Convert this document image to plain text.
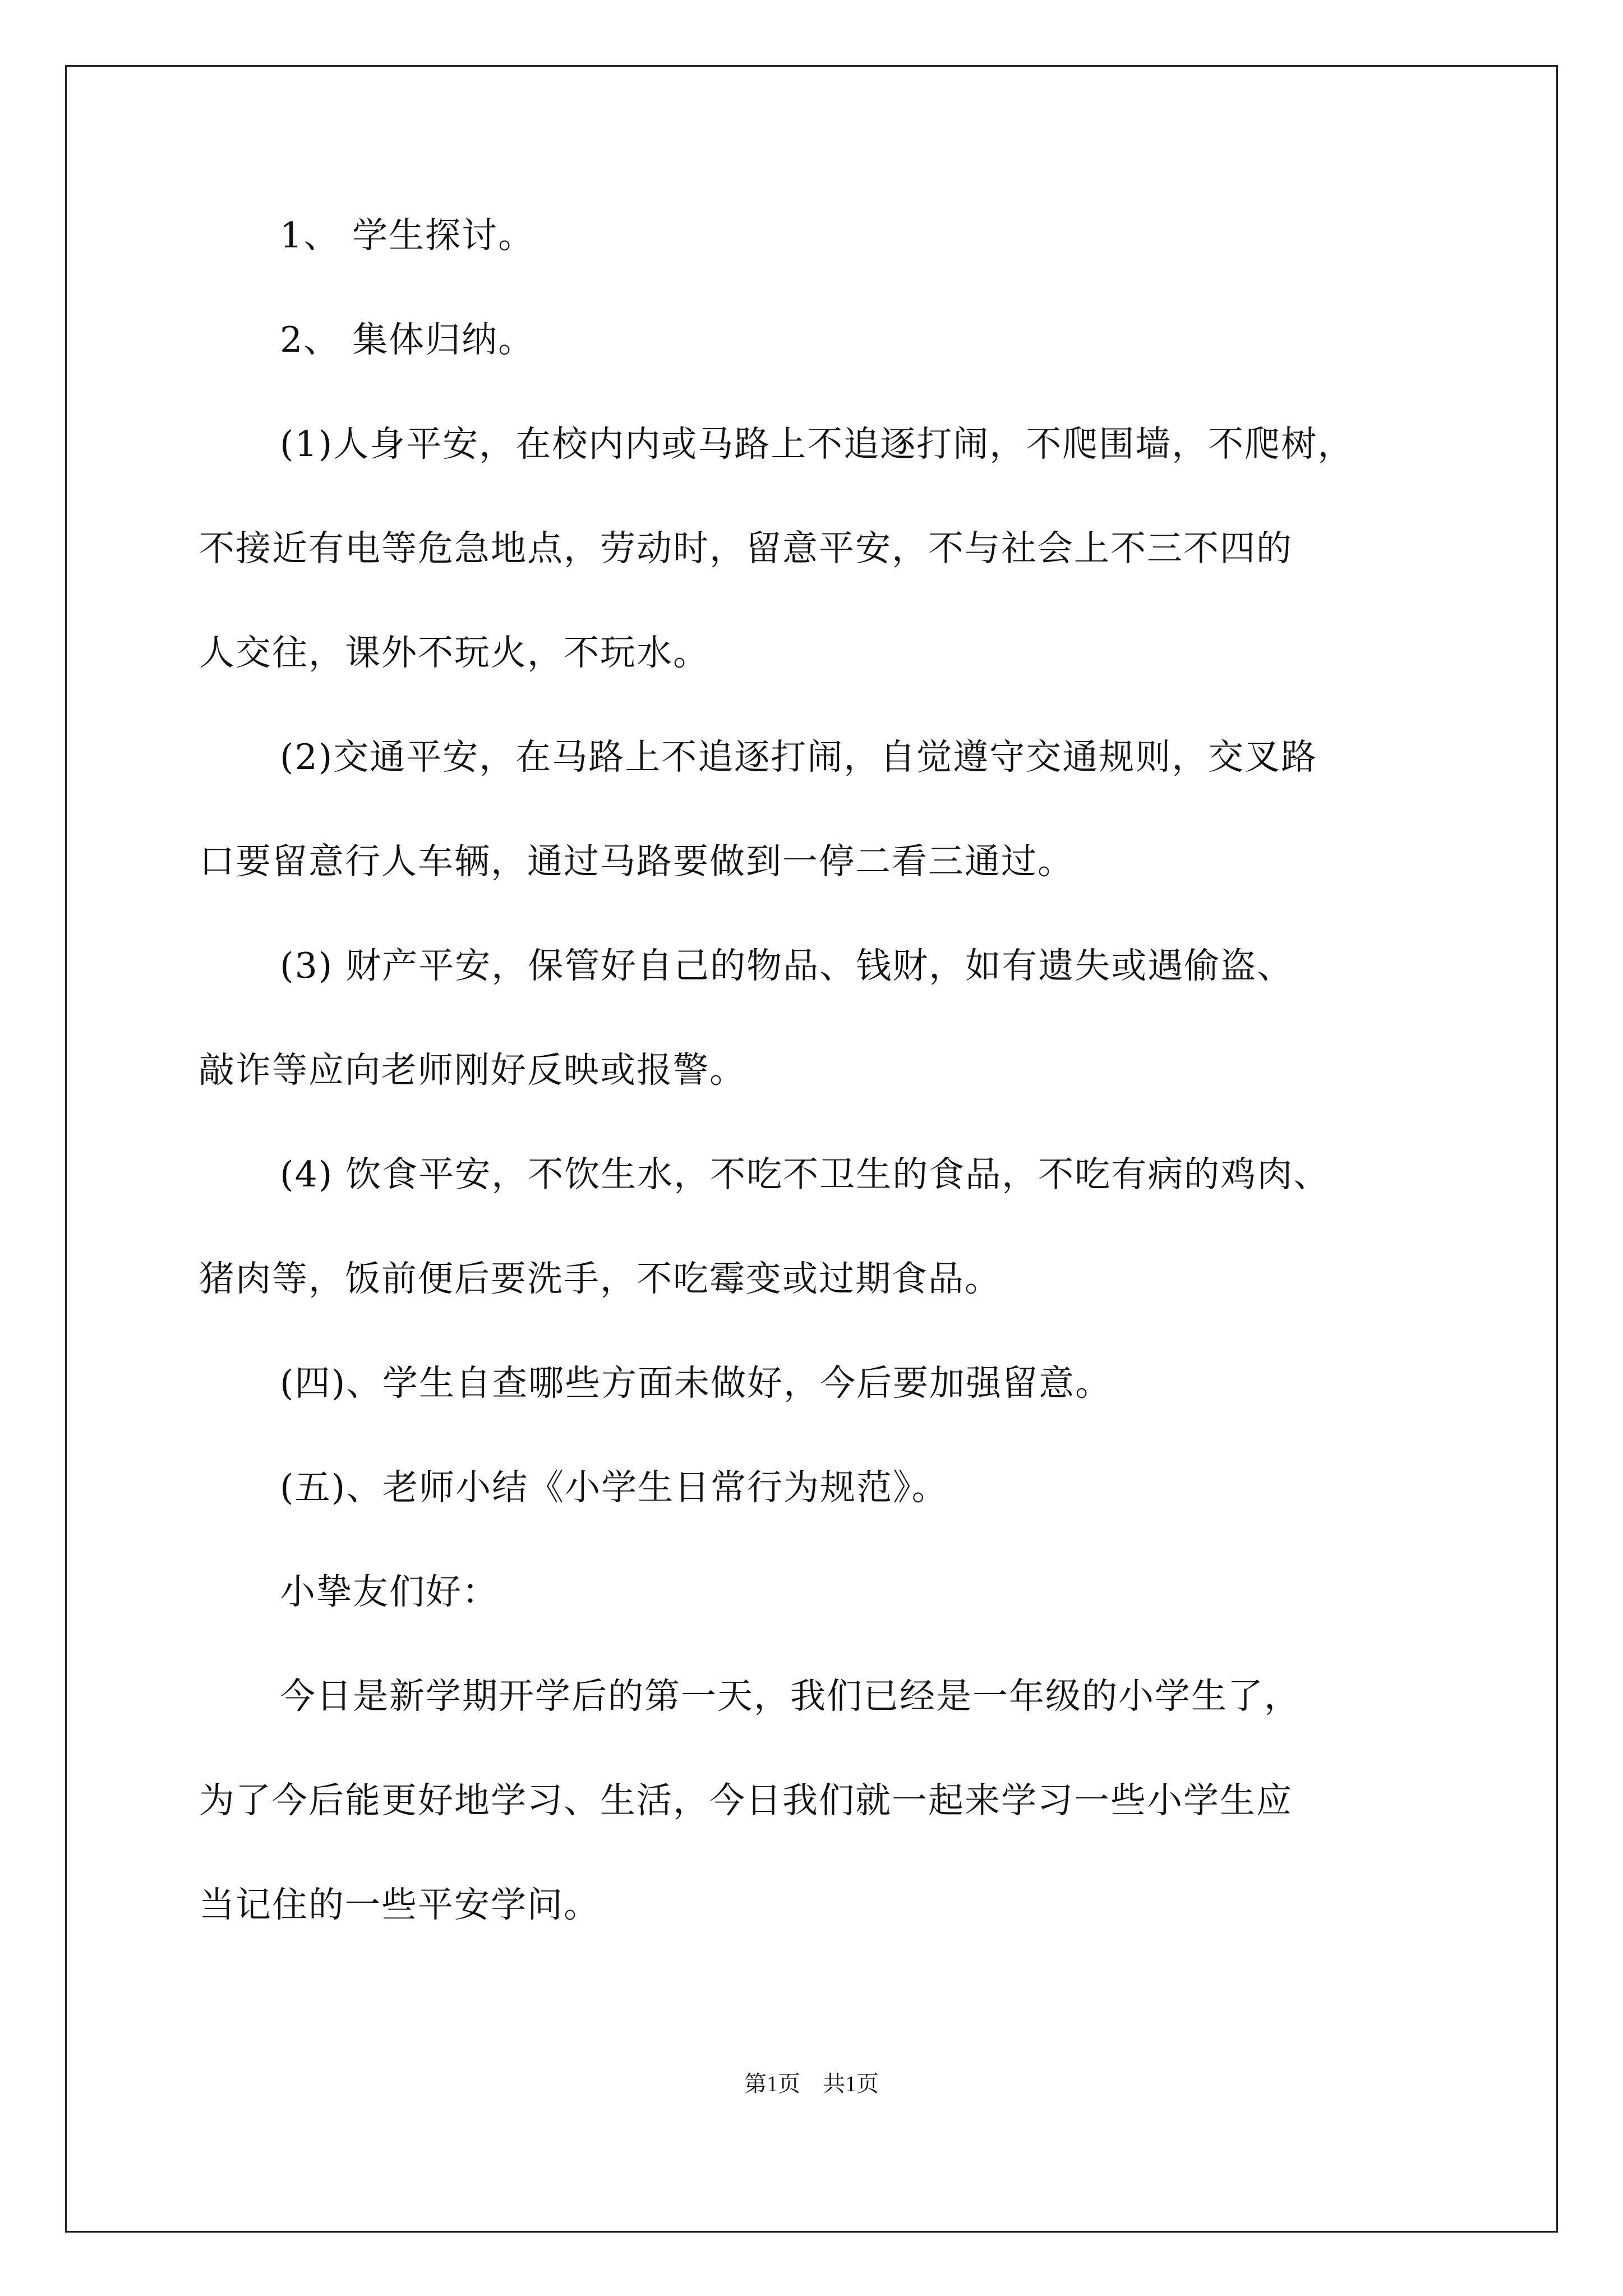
1、 学生探讨。
2、 集体归纳。
(1)人身平安，在校内内或马路上不追逐打闹，不爬围墙，不爬树，
不接近有电等危急地点，劳动时，留意平安，不与社会上不三不四的
人交往，课外不玩火，不玩水。
(2)交通平安，在马路上不追逐打闹，自觉遵守交通规则，交叉路
口要留意行人车辆，通过马路要做到一停二看三通过。
(3) 财产平安，保管好自己的物品、钱财，如有遗失或遇偷盗、
敲诈等应向老师刚好反映或报警。
(4) 饮食平安，不饮生水，不吃不卫生的食品，不吃有病的鸡肉、
猪肉等，饭前便后要洗手，不吃霉变或过期食品。
(四)、学生自查哪些方面未做好，今后要加强留意。
(五)、老师小结《小学生日常行为规范》。
小挚友们好：
今日是新学期开学后的第一天，我们已经是一年级的小学生了，
为了今后能更好地学习、生活，今日我们就一起来学习一些小学生应
当记住的一些平安学问。
第1页 共1页
